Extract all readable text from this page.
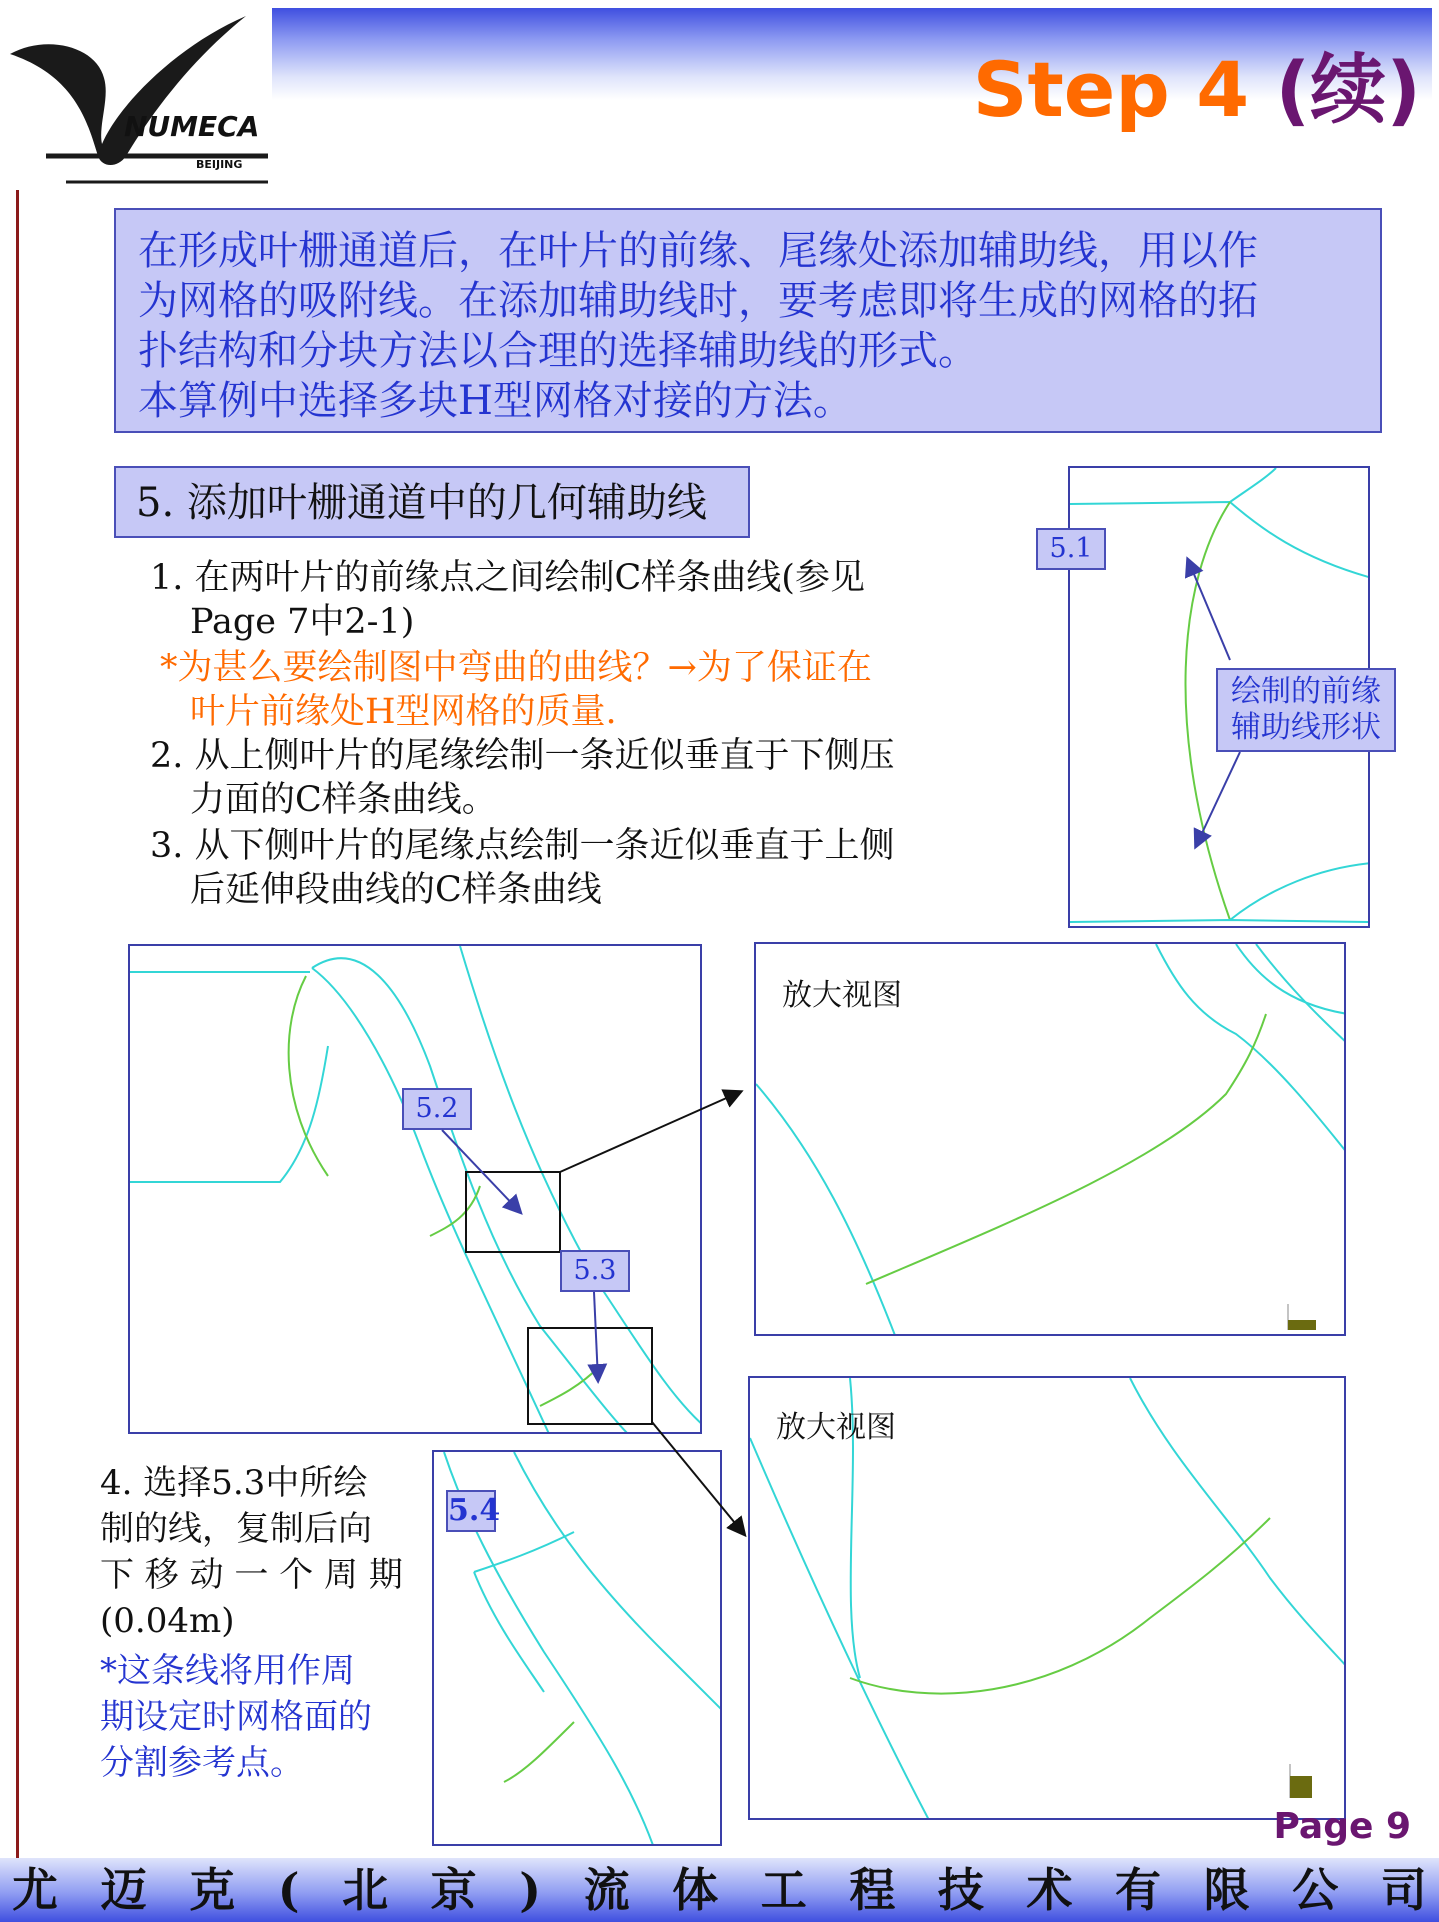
NUMECA
BEIJING
Step 4 (续)

在形成叶栅通道后，在叶片的前缘、尾缘处添加辅助线，用以作

为网格的吸附线。在添加辅助线时，要考虑即将生成的网格的拓

扑结构和分块方法以合理的选择辅助线的形式。

本算例中选择多块H型网格对接的方法。

5. 添加叶栅通道中的几何辅助线
1. 在两叶片的前缘点之间绘制C样条曲线(参见
Page 7中2-1)
*为甚么要绘制图中弯曲的曲线？→为了保证在
叶片前缘处H型网格的质量.
2. 从上侧叶片的尾缘绘制一条近似垂直于下侧压
力面的C样条曲线。
3. 从下侧叶片的尾缘点绘制一条近似垂直于上侧
后延伸段曲线的C样条曲线
5.1
绘制的前缘
辅助线形状
5.2
5.3
放大视图
放大视图
5.4
4. 选择5.3中所绘
制的线，复制后向
下 移 动 一 个 周 期
(0.04m)
*这条线将用作周
期设定时网格面的
分割参考点。
Page 9
尤 迈 克 ( 北 京 ) 流 体 工 程 技 术 有 限 公 司
